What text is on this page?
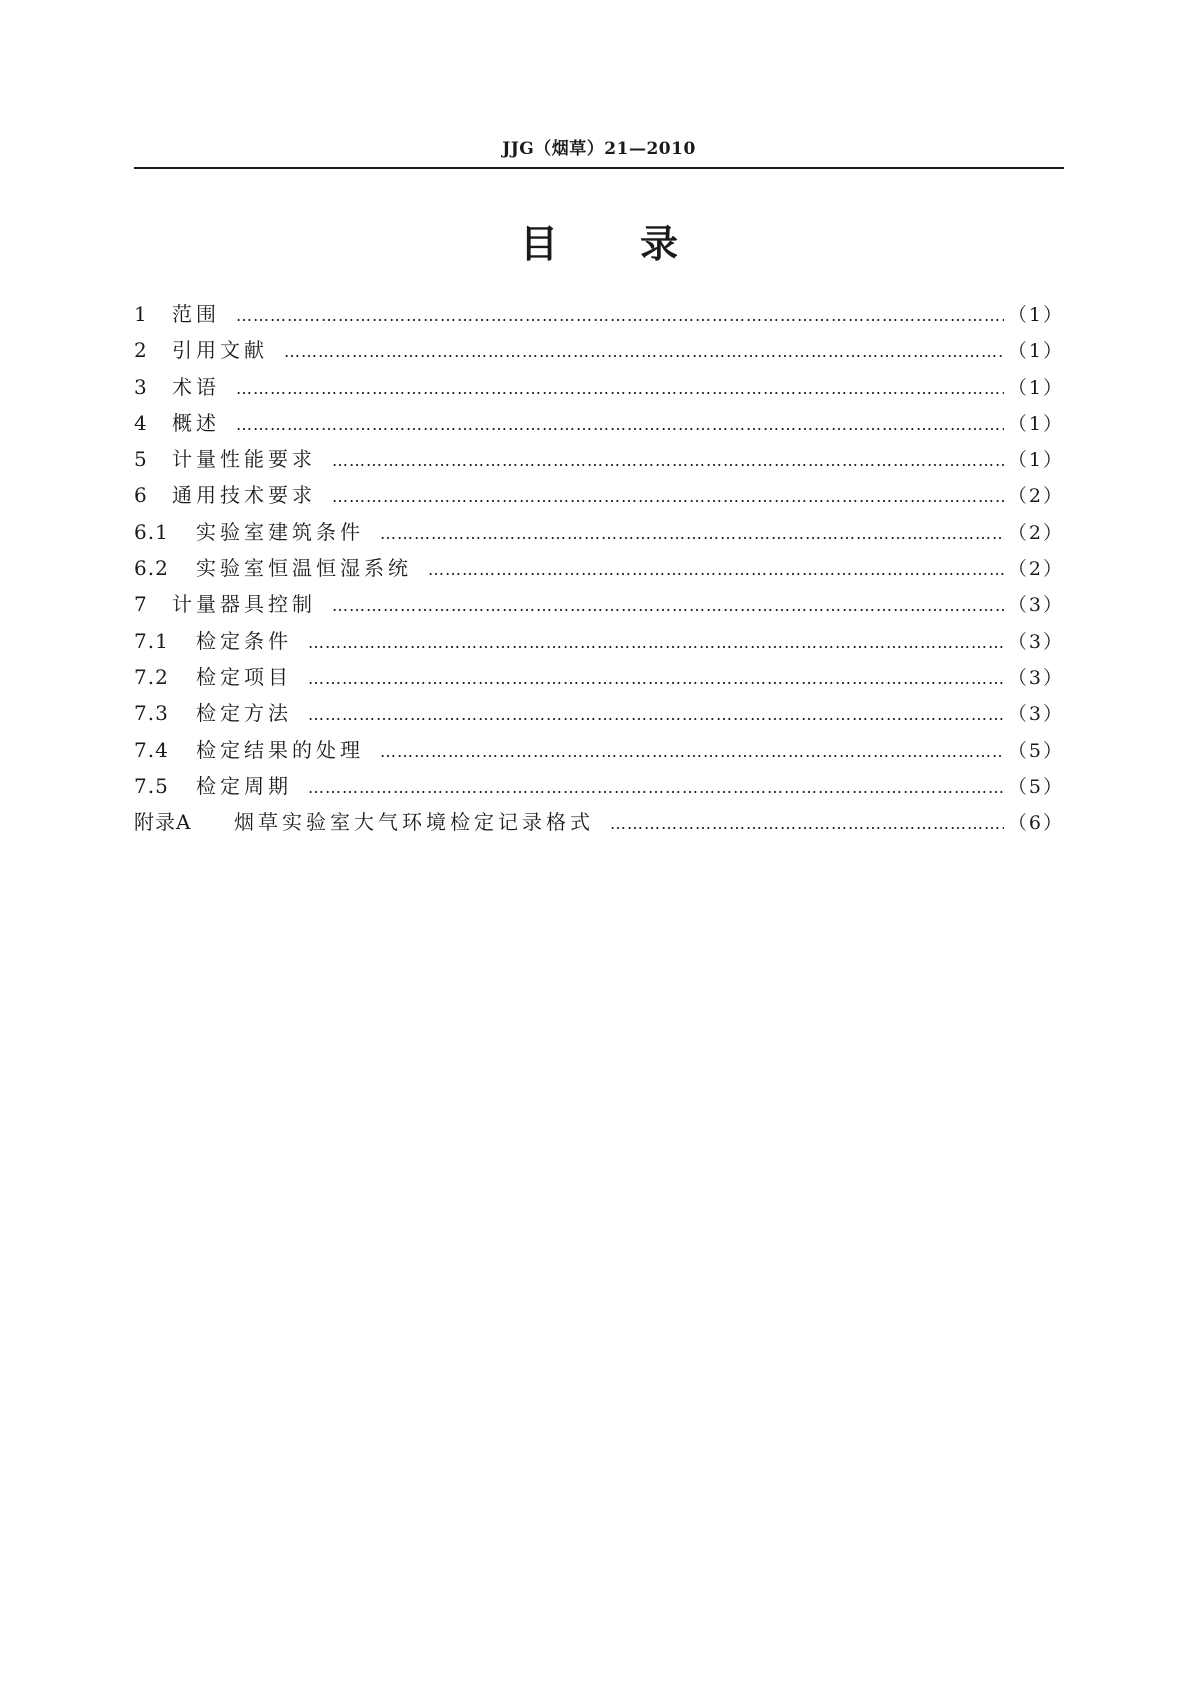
JJG（烟草）21—2010
目录
1	范围 …………………………………………………………………………………………………………………………………………………………………………………………	（1）
2	引用文献 …………………………………………………………………………………………………………………………………………………………………………………………	（1）
3	术语 …………………………………………………………………………………………………………………………………………………………………………………………	（1）
4	概述 …………………………………………………………………………………………………………………………………………………………………………………………	（1）
5	计量性能要求 …………………………………………………………………………………………………………………………………………………………………………………………	（1）
6	通用技术要求 …………………………………………………………………………………………………………………………………………………………………………………………	（2）
6.1	实验室建筑条件 …………………………………………………………………………………………………………………………………………………………………………………………	（2）
6.2	实验室恒温恒湿系统 …………………………………………………………………………………………………………………………………………………………………………………………	（2）
7	计量器具控制 …………………………………………………………………………………………………………………………………………………………………………………………	（3）
7.1	检定条件 …………………………………………………………………………………………………………………………………………………………………………………………	（3）
7.2	检定项目 …………………………………………………………………………………………………………………………………………………………………………………………	（3）
7.3	检定方法 …………………………………………………………………………………………………………………………………………………………………………………………	（3）
7.4	检定结果的处理 …………………………………………………………………………………………………………………………………………………………………………………………	（5）
7.5	检定周期 …………………………………………………………………………………………………………………………………………………………………………………………	（5）
附录A	烟草实验室大气环境检定记录格式 …………………………………………………………………………………………………………………………………………………………………………………………	（6）
